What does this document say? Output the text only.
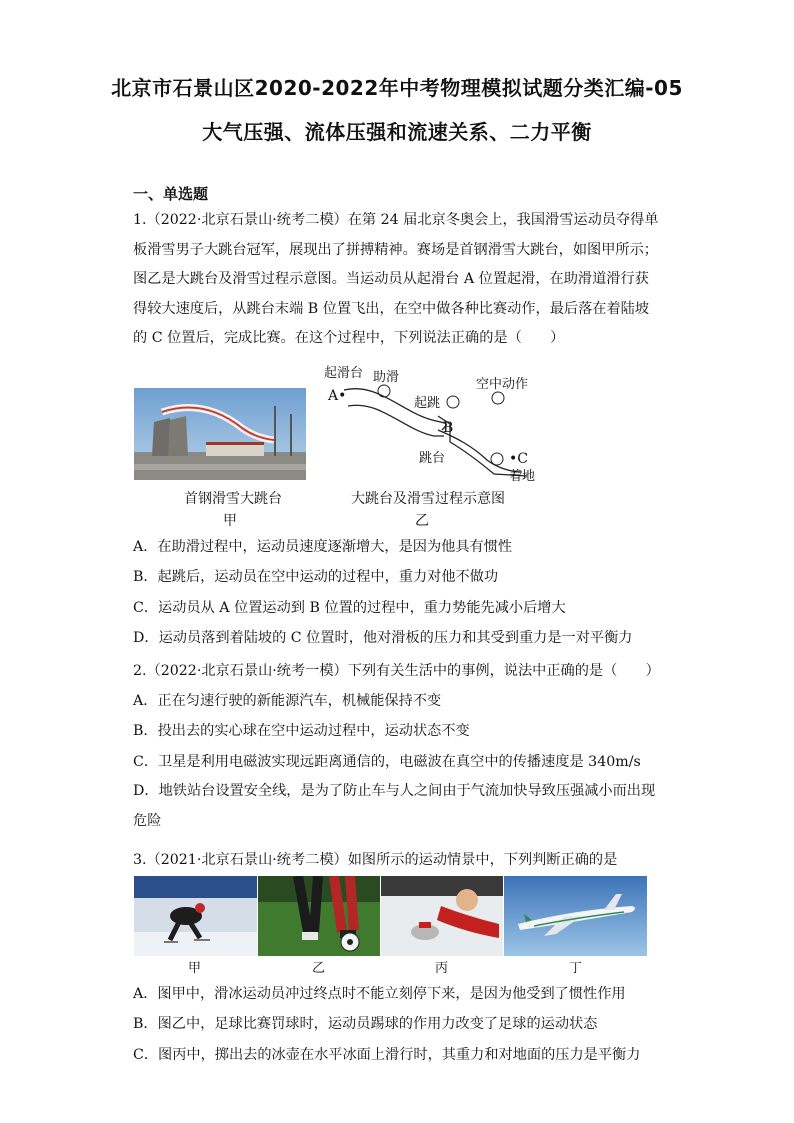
北京市石景山区2020-2022年中考物理模拟试题分类汇编-05
大气压强、流体压强和流速关系、二力平衡
一、单选题
1.（2022·北京石景山·统考二模）在第 24 届北京冬奥会上，我国滑雪运动员夺得单板滑雪男子大跳台冠军，展现出了拼搏精神。赛场是首钢滑雪大跳台，如图甲所示；图乙是大跳台及滑雪过程示意图。当运动员从起滑台 A 位置起滑，在助滑道滑行获得较大速度后，从跳台末端 B 位置飞出，在空中做各种比赛动作，最后落在着陆坡的 C 位置后，完成比赛。在这个过程中，下列说法正确的是（　　）
起滑台 助滑	空中动作
起跳
跳台
着地
A•
B
•C
首钢滑雪大跳台
甲
大跳台及滑雪过程示意图
乙
A．在助滑过程中，运动员速度逐渐增大，是因为他具有惯性
B．起跳后，运动员在空中运动的过程中，重力对他不做功
C．运动员从 A 位置运动到 B 位置的过程中，重力势能先减小后增大
D．运动员落到着陆坡的 C 位置时，他对滑板的压力和其受到重力是一对平衡力
2.（2022·北京石景山·统考一模）下列有关生活中的事例，说法中正确的是（　　）
A．正在匀速行驶的新能源汽车，机械能保持不变
B．投出去的实心球在空中运动过程中，运动状态不变
C．卫星是利用电磁波实现远距离通信的，电磁波在真空中的传播速度是 340m/s
D．地铁站台设置安全线，是为了防止车与人之间由于气流加快导致压强减小而出现危险
3.（2021·北京石景山·统考二模）如图所示的运动情景中，下列判断正确的是
甲	乙	丙	丁
A．图甲中，滑冰运动员冲过终点时不能立刻停下来，是因为他受到了惯性作用
B．图乙中，足球比赛罚球时，运动员踢球的作用力改变了足球的运动状态
C．图丙中，掷出去的冰壶在水平冰面上滑行时，其重力和对地面的压力是平衡力
